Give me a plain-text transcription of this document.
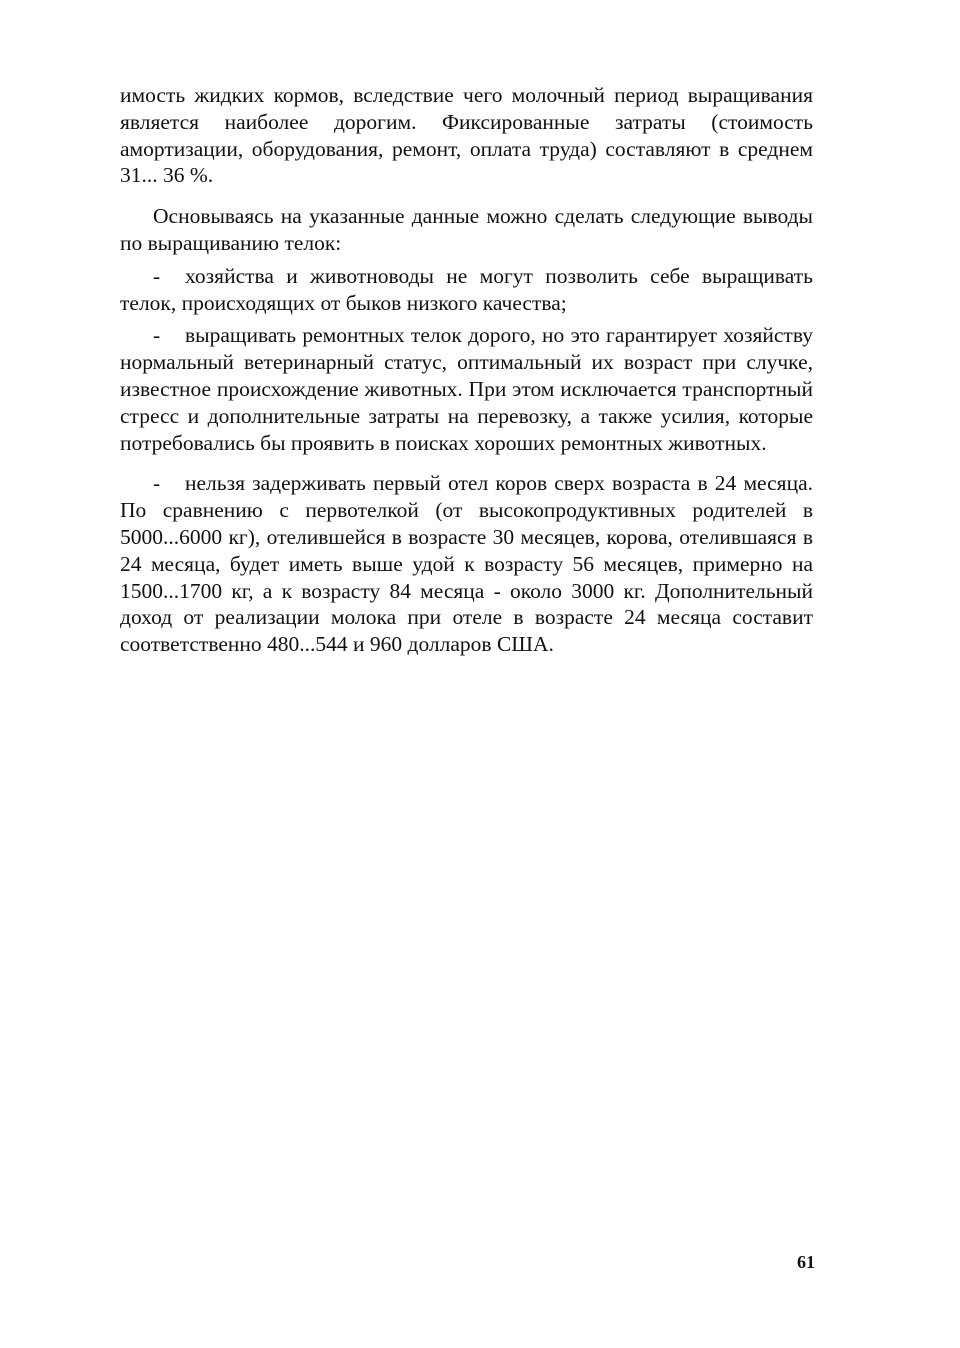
имость жидких кормов, вследствие чего молочный период выращивания является наиболее дорогим. Фиксированные затраты (стоимость амортизации, оборудования, ремонт, оплата труда) составляют в среднем 31... 36 %.

Основываясь на указанные данные можно сделать следующие выводы по выращиванию телок:

- хозяйства и животноводы не могут позволить себе выращивать телок, происходящих от быков низкого качества;

- выращивать ремонтных телок дорого, но это гарантирует хозяйству нормальный ветеринарный статус, оптимальный их возраст при случке, известное происхождение животных. При этом исключается транспортный стресс и дополнительные затраты на перевозку, а также усилия, которые потребовались бы проявить в поисках хороших ремонтных животных.

- нельзя задерживать первый отел коров сверх возраста в 24 месяца. По сравнению с первотелкой (от высокопродуктивных родителей в 5000...6000 кг), отелившейся в возрасте 30 месяцев, корова, отелившаяся в 24 месяца, будет иметь выше удой к возрасту 56 месяцев, примерно на 1500...1700 кг, а к возрасту 84 месяца - около 3000 кг. Дополнительный доход от реализации молока при отеле в возрасте 24 месяца составит соответственно 480...544 и 960 долларов США.

61
